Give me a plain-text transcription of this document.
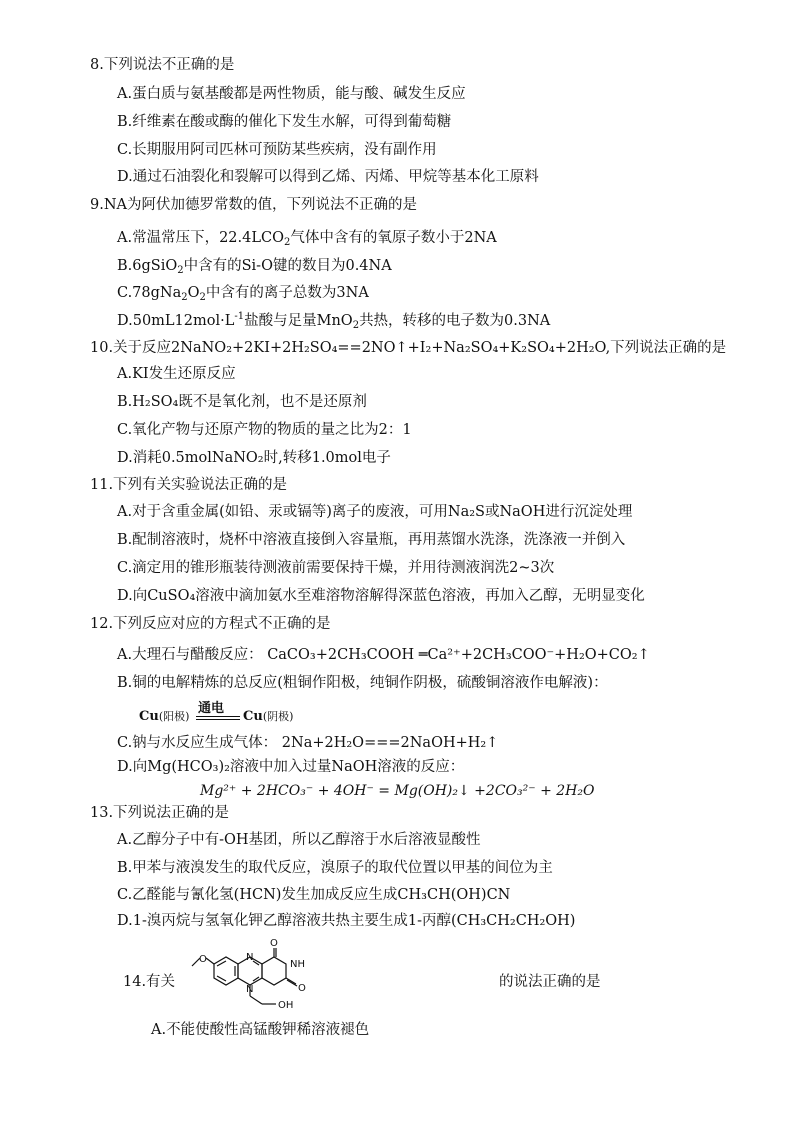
8.下列说法不正确的是
A.蛋白质与氨基酸都是两性物质，能与酸、碱发生反应
B.纤维素在酸或酶的催化下发生水解，可得到葡萄糖
C.长期服用阿司匹林可预防某些疾病，没有副作用
D.通过石油裂化和裂解可以得到乙烯、丙烯、甲烷等基本化工原料
9.NA为阿伏加德罗常数的值，下列说法不正确的是
A.常温常压下，$22.4LCO_2$气体中含有的氧原子数小于2NA
B.6gSiO$_2$中含有的Si-O键的数目为0.4NA
$C.78gNa_2O_2$中含有的离子总数为3NA
$D.50mL12mol\cdot L^{-1}$盐酸与足量MnO$_2$共热，转移的电子数为0.3NA
10.关于反应2NaNO₂+2KI+2H₂SO₄==2NO↑+I₂+Na₂SO₄+K₂SO₄+2H₂O,下列说法正确的是
A.KI发生还原反应
B.H₂SO₄既不是氧化剂，也不是还原剂
C.氧化产物与还原产物的物质的量之比为2：1
D.消耗0.5molNaNO₂时,转移1.0mol电子
11.下列有关实验说法正确的是
A.对于含重金属(如铅、汞或镉等)离子的废液，可用Na₂S或NaOH进行沉淀处理
B.配制溶液时，烧杯中溶液直接倒入容量瓶，再用蒸馏水洗涤，洗涤液一并倒入
C.滴定用的锥形瓶装待测液前需要保持干燥，并用待测液润洗2~3次
D.向CuSO₄溶液中滴加氨水至难溶物溶解得深蓝色溶液，再加入乙醇，无明显变化
12.下列反应对应的方程式不正确的是
A.大理石与醋酸反应： CaCO₃+2CH₃COOH ═Ca²⁺+2CH₃COO⁻+H₂O+CO₂↑
B.铜的电解精炼的总反应(粗铜作阳极，纯铜作阴极，硫酸铜溶液作电解液)：
Cu(阳极)
通电
Cu(阴极)
C.钠与水反应生成气体： 2Na+2H₂O===2NaOH+H₂↑
D.向Mg(HCO₃)₂溶液中加入过量NaOH溶液的反应：
Mg²⁺ + 2HCO₃⁻ + 4OH⁻ = Mg(OH)₂↓ +2CO₃²⁻ + 2H₂O
13.下列说法正确的是
A.乙醇分子中有-OH基团，所以乙醇溶于水后溶液显酸性
B.甲苯与液溴发生的取代反应，溴原子的取代位置以甲基的间位为主
C.乙醛能与氰化氢(HCN)发生加成反应生成CH₃CH(OH)CN
D.1-溴丙烷与氢氧化钾乙醇溶液共热主要生成1-丙醇(CH₃CH₂CH₂OH)
14.有关
O
O
NH
O
N
N
OH
的说法正确的是
A.不能使酸性高锰酸钾稀溶液褪色
